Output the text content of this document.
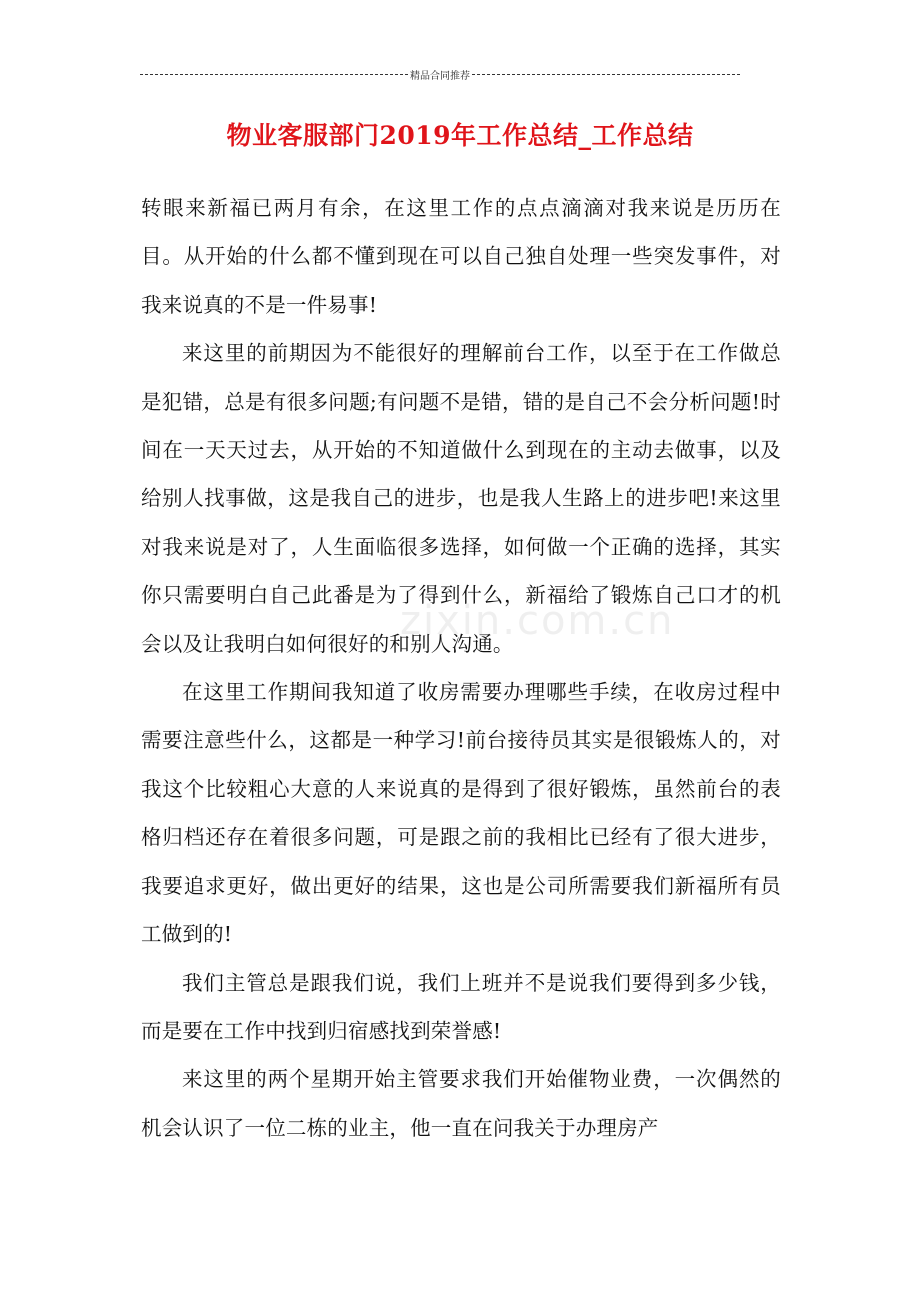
精品合同推荐
物业客服部门2019年工作总结_工作总结
zixin.com.cn

转眼来新福已两月有余，在这里工作的点点滴滴对我来说是历历在目。从开始的什么都不懂到现在可以自己独自处理一些突发事件，对我来说真的不是一件易事!

来这里的前期因为不能很好的理解前台工作，以至于在工作做总是犯错，总是有很多问题;有问题不是错，错的是自己不会分析问题!时间在一天天过去，从开始的不知道做什么到现在的主动去做事，以及给别人找事做，这是我自己的进步，也是我人生路上的进步吧!来这里对我来说是对了，人生面临很多选择，如何做一个正确的选择，其实你只需要明白自己此番是为了得到什么，新福给了锻炼自己口才的机会以及让我明白如何很好的和别人沟通。

在这里工作期间我知道了收房需要办理哪些手续，在收房过程中需要注意些什么，这都是一种学习!前台接待员其实是很锻炼人的，对我这个比较粗心大意的人来说真的是得到了很好锻炼，虽然前台的表格归档还存在着很多问题，可是跟之前的我相比已经有了很大进步，我要追求更好，做出更好的结果，这也是公司所需要我们新福所有员工做到的!

我们主管总是跟我们说，我们上班并不是说我们要得到多少钱，而是要在工作中找到归宿感找到荣誉感!

来这里的两个星期开始主管要求我们开始催物业费，一次偶然的机会认识了一位二栋的业主，他一直在问我关于办理房产
